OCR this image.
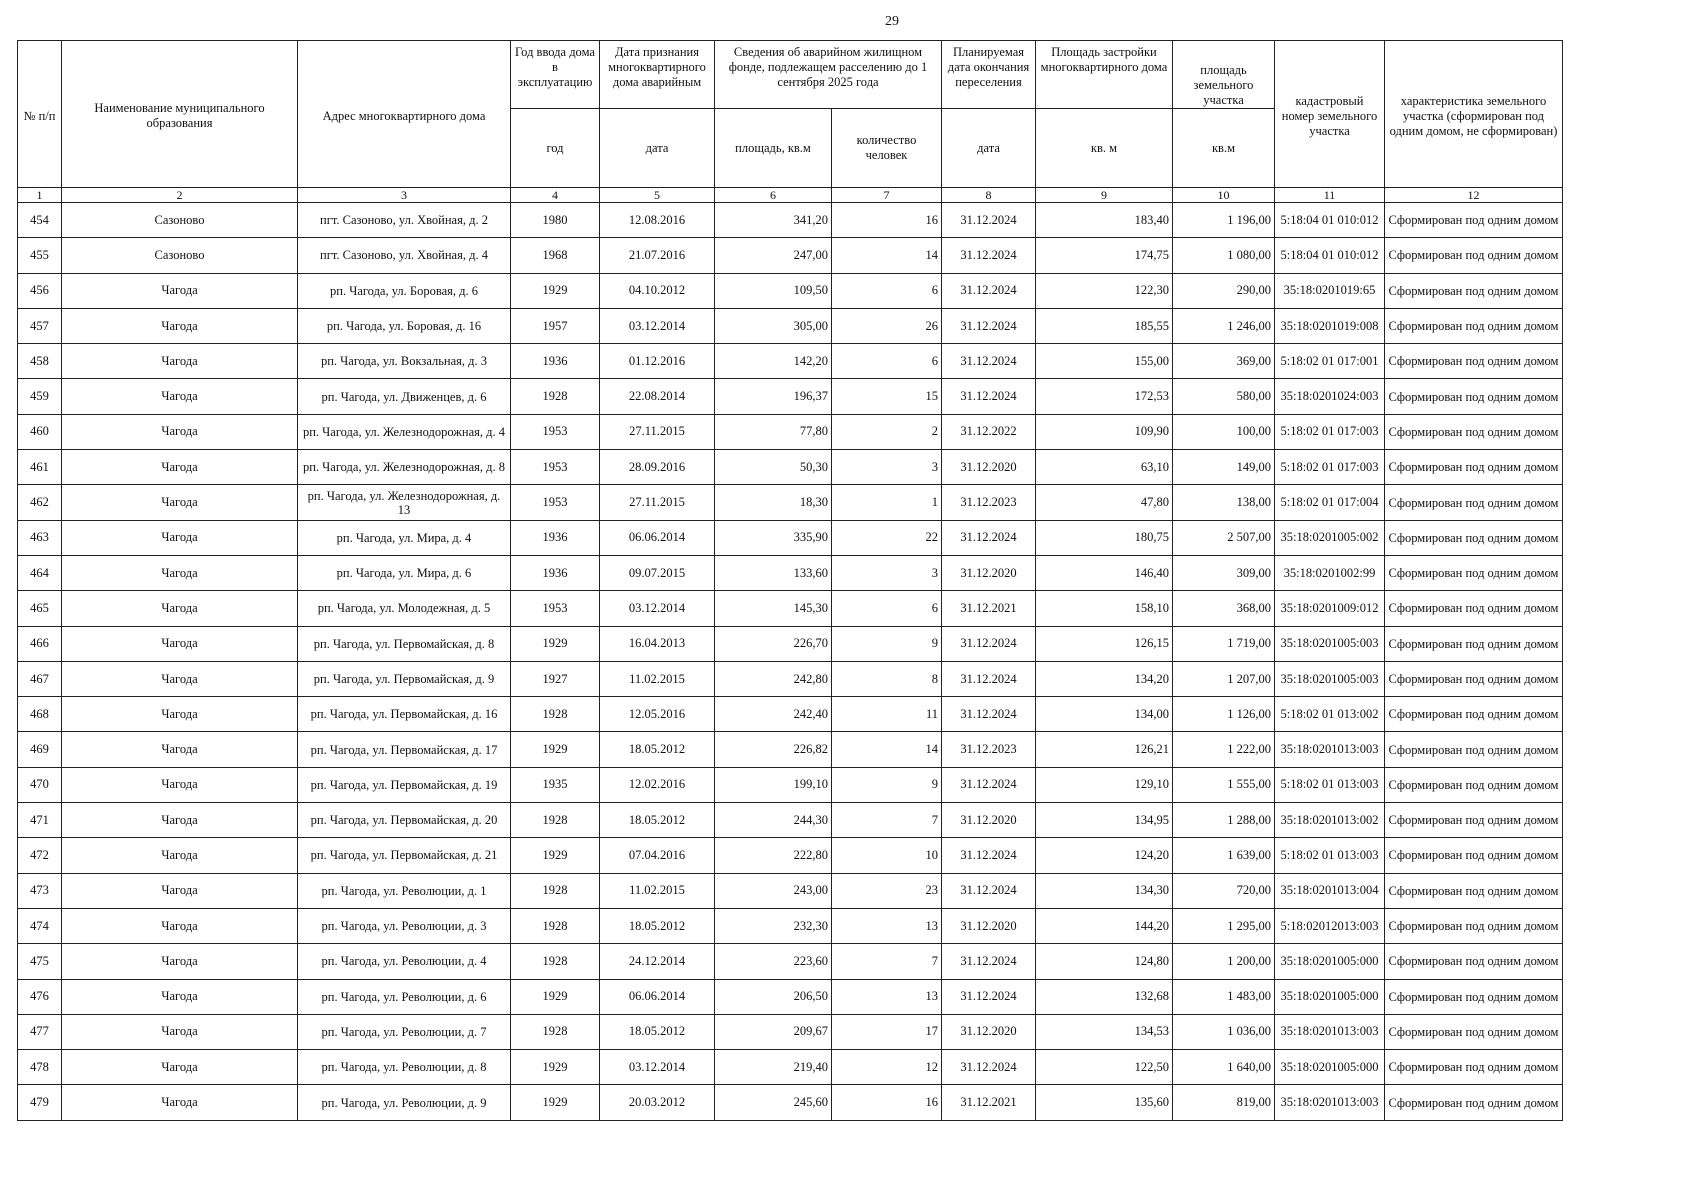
29
№ п/п	Наименование муниципального образования	Адрес многоквартирного дома	Год ввода дома в эксплуатацию	Дата признания многоквартирного дома аварийным	Сведения об аварийном жилищном фонде, подлежащем расселению до 1 сентября 2025 года		Планируемая дата окончания переселения	Площадь застройки многоквартирного дома	площадь земельного участка	кадастровый номер земельного участка	характеристика земельного участка (сформирован под одним домом, не сформирован)
			год	дата	площадь, кв.м	количество человек	дата	кв. м	кв.м		
1	2	3	4	5	6	7	8	9	10	11	12
454	Сазоново	пгт. Сазоново, ул. Хвойная, д. 2	1980	12.08.2016	341,20	16	31.12.2024	183,40	1 196,00	5:18:04 01 010:012	Сформирован под одним домом
455	Сазоново	пгт. Сазоново, ул. Хвойная, д. 4	1968	21.07.2016	247,00	14	31.12.2024	174,75	1 080,00	5:18:04 01 010:012	Сформирован под одним домом
456	Чагода	рп. Чагода, ул. Боровая, д. 6	1929	04.10.2012	109,50	6	31.12.2024	122,30	290,00	35:18:0201019:65	Сформирован под одним домом
457	Чагода	рп. Чагода, ул. Боровая, д. 16	1957	03.12.2014	305,00	26	31.12.2024	185,55	1 246,00	35:18:0201019:008	Сформирован под одним домом
458	Чагода	рп. Чагода, ул. Вокзальная, д. 3	1936	01.12.2016	142,20	6	31.12.2024	155,00	369,00	5:18:02 01 017:001	Сформирован под одним домом
459	Чагода	рп. Чагода, ул. Движенцев, д. 6	1928	22.08.2014	196,37	15	31.12.2024	172,53	580,00	35:18:0201024:003	Сформирован под одним домом
460	Чагода	рп. Чагода, ул. Железнодорожная, д. 4	1953	27.11.2015	77,80	2	31.12.2022	109,90	100,00	5:18:02 01 017:003	Сформирован под одним домом
461	Чагода	рп. Чагода, ул. Железнодорожная, д. 8	1953	28.09.2016	50,30	3	31.12.2020	63,10	149,00	5:18:02 01 017:003	Сформирован под одним домом
462	Чагода	рп. Чагода, ул. Железнодорожная, д. 13	1953	27.11.2015	18,30	1	31.12.2023	47,80	138,00	5:18:02 01 017:004	Сформирован под одним домом
463	Чагода	рп. Чагода, ул. Мира, д. 4	1936	06.06.2014	335,90	22	31.12.2024	180,75	2 507,00	35:18:0201005:002	Сформирован под одним домом
464	Чагода	рп. Чагода, ул. Мира, д. 6	1936	09.07.2015	133,60	3	31.12.2020	146,40	309,00	35:18:0201002:99	Сформирован под одним домом
465	Чагода	рп. Чагода, ул. Молодежная, д. 5	1953	03.12.2014	145,30	6	31.12.2021	158,10	368,00	35:18:0201009:012	Сформирован под одним домом
466	Чагода	рп. Чагода, ул. Первомайская, д. 8	1929	16.04.2013	226,70	9	31.12.2024	126,15	1 719,00	35:18:0201005:003	Сформирован под одним домом
467	Чагода	рп. Чагода, ул. Первомайская, д. 9	1927	11.02.2015	242,80	8	31.12.2024	134,20	1 207,00	35:18:0201005:003	Сформирован под одним домом
468	Чагода	рп. Чагода, ул. Первомайская, д. 16	1928	12.05.2016	242,40	11	31.12.2024	134,00	1 126,00	5:18:02 01 013:002	Сформирован под одним домом
469	Чагода	рп. Чагода, ул. Первомайская, д. 17	1929	18.05.2012	226,82	14	31.12.2023	126,21	1 222,00	35:18:0201013:003	Сформирован под одним домом
470	Чагода	рп. Чагода, ул. Первомайская, д. 19	1935	12.02.2016	199,10	9	31.12.2024	129,10	1 555,00	5:18:02 01 013:003	Сформирован под одним домом
471	Чагода	рп. Чагода, ул. Первомайская, д. 20	1928	18.05.2012	244,30	7	31.12.2020	134,95	1 288,00	35:18:0201013:002	Сформирован под одним домом
472	Чагода	рп. Чагода, ул. Первомайская, д. 21	1929	07.04.2016	222,80	10	31.12.2024	124,20	1 639,00	5:18:02 01 013:003	Сформирован под одним домом
473	Чагода	рп. Чагода, ул. Революции, д. 1	1928	11.02.2015	243,00	23	31.12.2024	134,30	720,00	35:18:0201013:004	Сформирован под одним домом
474	Чагода	рп. Чагода, ул. Революции, д. 3	1928	18.05.2012	232,30	13	31.12.2020	144,20	1 295,00	5:18:02012013:003	Сформирован под одним домом
475	Чагода	рп. Чагода, ул. Революции, д. 4	1928	24.12.2014	223,60	7	31.12.2024	124,80	1 200,00	35:18:0201005:000	Сформирован под одним домом
476	Чагода	рп. Чагода, ул. Революции, д. 6	1929	06.06.2014	206,50	13	31.12.2024	132,68	1 483,00	35:18:0201005:000	Сформирован под одним домом
477	Чагода	рп. Чагода, ул. Революции, д. 7	1928	18.05.2012	209,67	17	31.12.2020	134,53	1 036,00	35:18:0201013:003	Сформирован под одним домом
478	Чагода	рп. Чагода, ул. Революции, д. 8	1929	03.12.2014	219,40	12	31.12.2024	122,50	1 640,00	35:18:0201005:000	Сформирован под одним домом
479	Чагода	рп. Чагода, ул. Революции, д. 9	1929	20.03.2012	245,60	16	31.12.2021	135,60	819,00	35:18:0201013:003	Сформирован под одним домом
